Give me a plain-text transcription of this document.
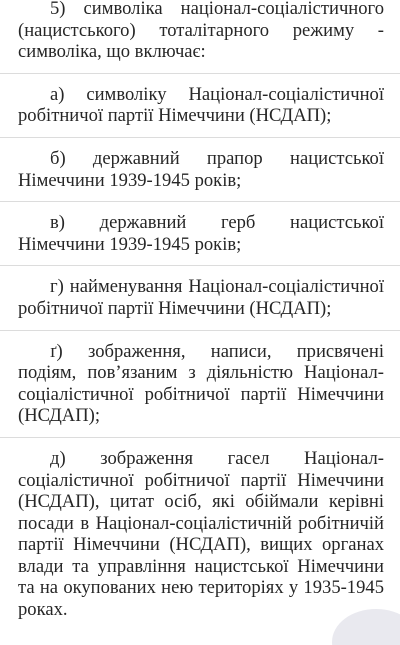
5) символіка націонал-соціалістичного (нацистського) тоталітарного режиму - символіка, що включає:

а) символіку Націонал-соціалістичної робітничої партії Німеччини (НСДАП);

б) державний прапор нацистської Німеччини 1939-1945 років;

в) державний герб нацистської Німеччини 1939-1945 років;

г) найменування Націонал-соціалістичної робітничої партії Німеччини (НСДАП);

ґ) зображення, написи, присвячені подіям, пов’язаним з діяльністю Націонал-соціалістичної робітничої партії Німеччини (НСДАП);

д) зображення гасел Націонал-соціалістичної робітничої партії Німеччини (НСДАП), цитат осіб, які обіймали керівні посади в Націонал-соціалістичній робітничій партії Німеччини (НСДАП), вищих органах влади та управління нацистської Німеччини та на окупованих нею територіях у 1935-1945 роках.
